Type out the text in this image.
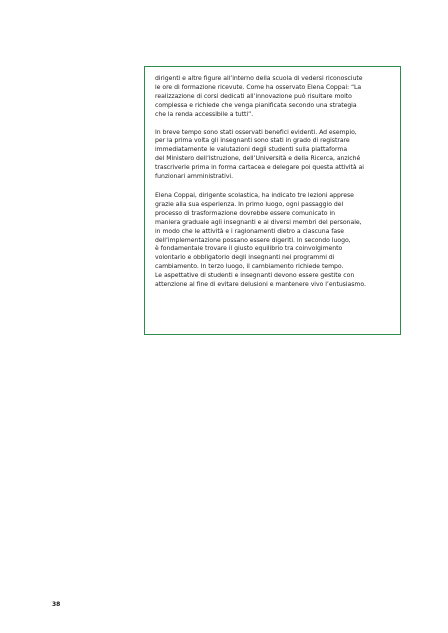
dirigenti e altre figure all’interno della scuola di vedersi riconosciute
le ore di formazione ricevute. Come ha osservato Elena Coppai: “La
realizzazione di corsi dedicati all’innovazione può risultare molto
complessa e richiede che venga pianificata secondo una strategia
che la renda accessibile a tutti”.

In breve tempo sono stati osservati benefici evidenti. Ad esempio,
per la prima volta gli insegnanti sono stati in grado di registrare
immediatamente le valutazioni degli studenti sulla piattaforma
del Ministero dell’Istruzione, dell’Università e della Ricerca, anziché
trascriverle prima in forma cartacea e delegare poi questa attività ai
funzionari amministrativi.

Elena Coppai, dirigente scolastica, ha indicato tre lezioni apprese
grazie alla sua esperienza. In primo luogo, ogni passaggio del
processo di trasformazione dovrebbe essere comunicato in
maniera graduale agli insegnanti e ai diversi membri del personale,
in modo che le attività e i ragionamenti dietro a ciascuna fase
dell’implementazione possano essere digeriti. In secondo luogo,
è fondamentale trovare il giusto equilibrio tra coinvolgimento
volontario e obbligatorio degli insegnanti nei programmi di
cambiamento. In terzo luogo, il cambiamento richiede tempo.
Le aspettative di studenti e insegnanti devono essere gestite con
attenzione al fine di evitare delusioni e mantenere vivo l’entusiasmo.

38
